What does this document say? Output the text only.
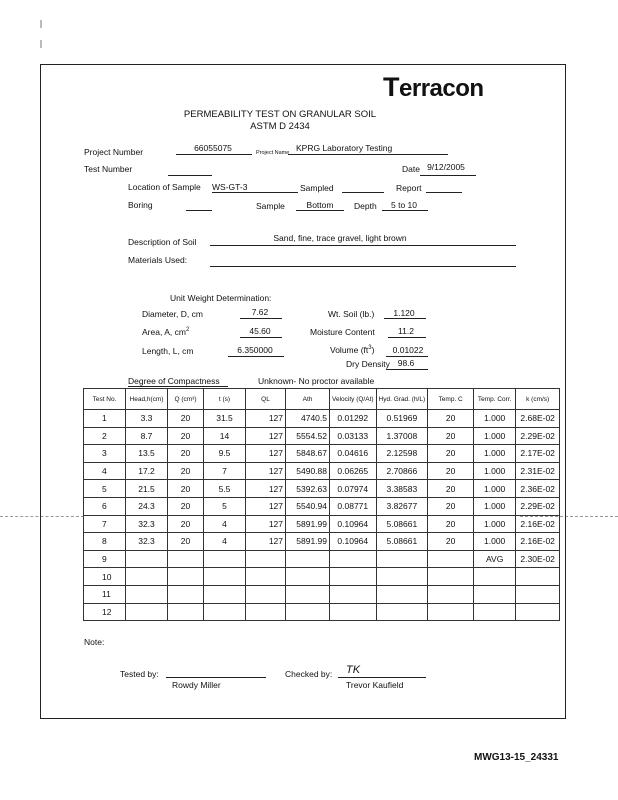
Terracon
PERMEABILITY TEST ON GRANULAR SOIL
ASTM D 2434
Project Number	66055075	Project Name KPRG Laboratory Testing
Test Number	Date 9/12/2005
Location of Sample WS-GT-3	Sampled	Report
Boring	Sample	Bottom	Depth	5 to 10
Description of Soil	Sand, fine, trace gravel, light brown
Materials Used:
Unit Weight Determination:
Diameter, D, cm	7.62	Wt. Soil (lb.)	1.120
Area, A, $cm^2$	45.60	Moisture Content	11.2
Length, L, cm	6.350000	Volume $(ft^3)$	0.01022
Dry Density 98.6
Degree of Compactness	Unknown- No proctor available
Test No.	Head,h(cm)	Q (cm³)	t (s)	QL	Ath	Velocity (Q/At)	Hyd. Grad. (h/L)	Temp. C	Temp. Corr.	k (cm/s)
1	3.3	20	31.5	127	4740.5	0.01292	0.51969	20	1.000	2.68E-02
2	8.7	20	14	127	5554.52	0.03133	1.37008	20	1.000	2.29E-02
3	13.5	20	9.5	127	5848.67	0.04616	2.12598	20	1.000	2.17E-02
4	17.2	20	7	127	5490.88	0.06265	2.70866	20	1.000	2.31E-02
5	21.5	20	5.5	127	5392.63	0.07974	3.38583	20	1.000	2.36E-02
6	24.3	20	5	127	5540.94	0.08771	3.82677	20	1.000	2.29E-02
7	32.3	20	4	127	5891.99	0.10964	5.08661	20	1.000	2.16E-02
8	32.3	20	4	127	5891.99	0.10964	5.08661	20	1.000	2.16E-02
9									AVG	2.30E-02
10										
11										
12										
Note:
Tested by:
Rowdy Miller
Checked by: TK
Trevor Kaufield
MWG13-15_24331
